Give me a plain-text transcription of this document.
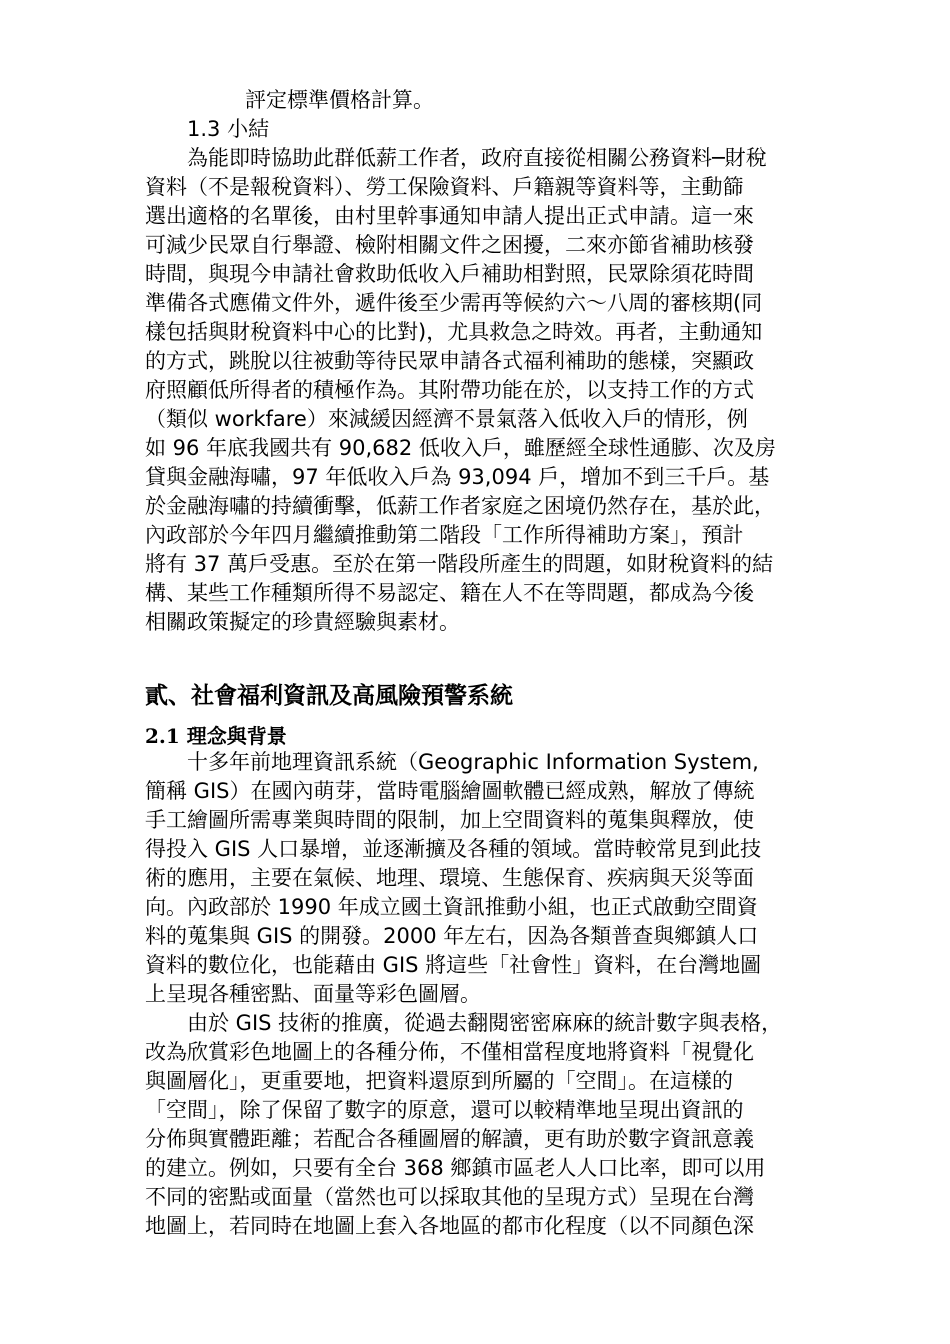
評定標準價格計算。
1.3 小結
為能即時協助此群低薪工作者，政府直接從相關公務資料─財稅
資料（不是報稅資料）、勞工保險資料、戶籍親等資料等，主動篩
選出適格的名單後，由村里幹事通知申請人提出正式申請。這一來
可減少民眾自行舉證、檢附相關文件之困擾，二來亦節省補助核發
時間，與現今申請社會救助低收入戶補助相對照，民眾除須花時間
準備各式應備文件外，遞件後至少需再等候約六～八周的審核期(同
樣包括與財稅資料中心的比對)，尤具救急之時效。再者，主動通知
的方式，跳脫以往被動等待民眾申請各式福利補助的態樣，突顯政
府照顧低所得者的積極作為。其附帶功能在於，以支持工作的方式
（類似 workfare）來減緩因經濟不景氣落入低收入戶的情形，例
如 96 年底我國共有 90,682 低收入戶，雖歷經全球性通膨、次及房
貸與金融海嘯，97 年低收入戶為 93,094 戶，增加不到三千戶。基
於金融海嘯的持續衝擊，低薪工作者家庭之困境仍然存在，基於此，
內政部於今年四月繼續推動第二階段「工作所得補助方案」，預計
將有 37 萬戶受惠。至於在第一階段所產生的問題，如財稅資料的結
構、某些工作種類所得不易認定、籍在人不在等問題，都成為今後
相關政策擬定的珍貴經驗與素材。
貳、社會福利資訊及高風險預警系統
2.1 理念與背景
十多年前地理資訊系統（Geographic Information System,
簡稱 GIS）在國內萌芽，當時電腦繪圖軟體已經成熟，解放了傳統
手工繪圖所需專業與時間的限制，加上空間資料的蒐集與釋放，使
得投入 GIS 人口暴增，並逐漸擴及各種的領域。當時較常見到此技
術的應用，主要在氣候、地理、環境、生態保育、疾病與天災等面
向。內政部於 1990 年成立國土資訊推動小組，也正式啟動空間資
料的蒐集與 GIS 的開發。2000 年左右，因為各類普查與鄉鎮人口
資料的數位化，也能藉由 GIS 將這些「社會性」資料，在台灣地圖
上呈現各種密點、面量等彩色圖層。
由於 GIS 技術的推廣，從過去翻閱密密麻麻的統計數字與表格，
改為欣賞彩色地圖上的各種分佈，不僅相當程度地將資料「視覺化
與圖層化」，更重要地，把資料還原到所屬的「空間」。在這樣的
「空間」，除了保留了數字的原意，還可以較精準地呈現出資訊的
分佈與實體距離；若配合各種圖層的解讀，更有助於數字資訊意義
的建立。例如，只要有全台 368 鄉鎮市區老人人口比率，即可以用
不同的密點或面量（當然也可以採取其他的呈現方式）呈現在台灣
地圖上，若同時在地圖上套入各地區的都市化程度（以不同顏色深
